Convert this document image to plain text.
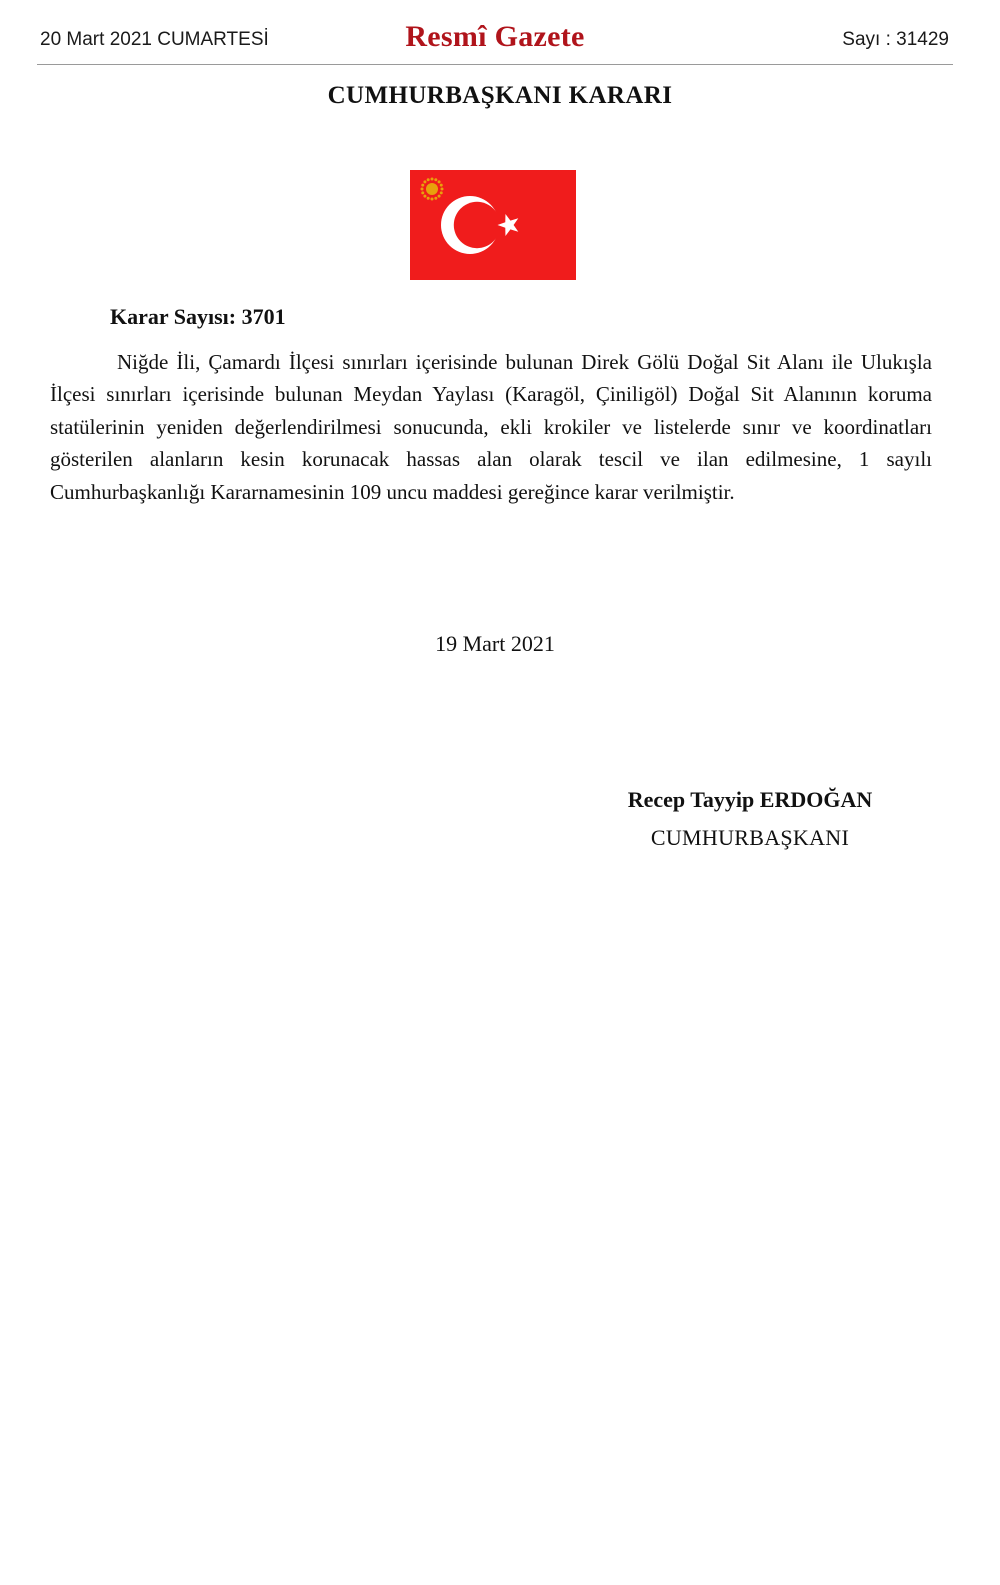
20 Mart 2021 CUMARTESİ	Resmî Gazete	Sayı : 31429
CUMHURBAŞKANI KARARI
Karar Sayısı: 3701
Niğde İli, Çamardı İlçesi sınırları içerisinde bulunan Direk Gölü Doğal Sit Alanı ile Ulukışla İlçesi sınırları içerisinde bulunan Meydan Yaylası (Karagöl, Çiniligöl) Doğal Sit Alanının koruma statülerinin yeniden değerlendirilmesi sonucunda, ekli krokiler ve listelerde sınır ve koordinatları gösterilen alanların kesin korunacak hassas alan olarak tescil ve ilan edilmesine, 1 sayılı Cumhurbaşkanlığı Kararnamesinin 109 uncu maddesi gereğince karar verilmiştir.
19 Mart 2021
Recep Tayyip ERDOĞAN
CUMHURBAŞKANI
